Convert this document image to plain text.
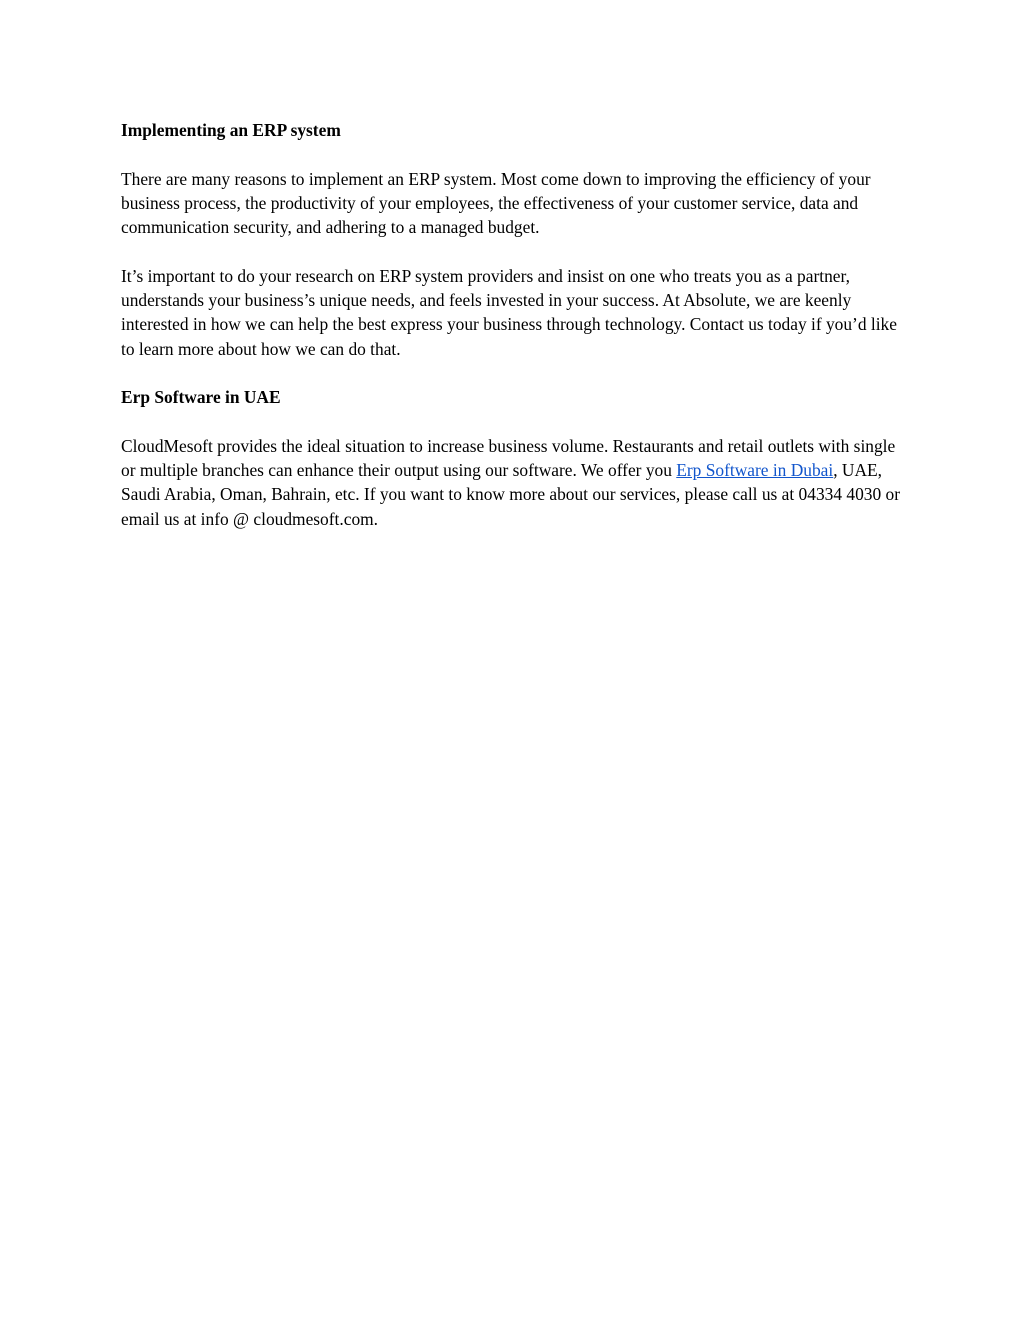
Implementing an ERP system

There are many reasons to implement an ERP system. Most come down to improving the efficiency of your business process, the productivity of your employees, the effectiveness of your customer service, data and communication security, and adhering to a managed budget.

It’s important to do your research on ERP system providers and insist on one who treats you as a partner, understands your business’s unique needs, and feels invested in your success. At Absolute, we are keenly interested in how we can help the best express your business through technology. Contact us today if you’d like to learn more about how we can do that.

Erp Software in UAE

CloudMesoft provides the ideal situation to increase business volume. Restaurants and retail outlets with single or multiple branches can enhance their output using our software. We offer you Erp Software in Dubai, UAE, Saudi Arabia, Oman, Bahrain, etc. If you want to know more about our services, please call us at 04334 4030 or email us at info @ cloudmesoft.com.
